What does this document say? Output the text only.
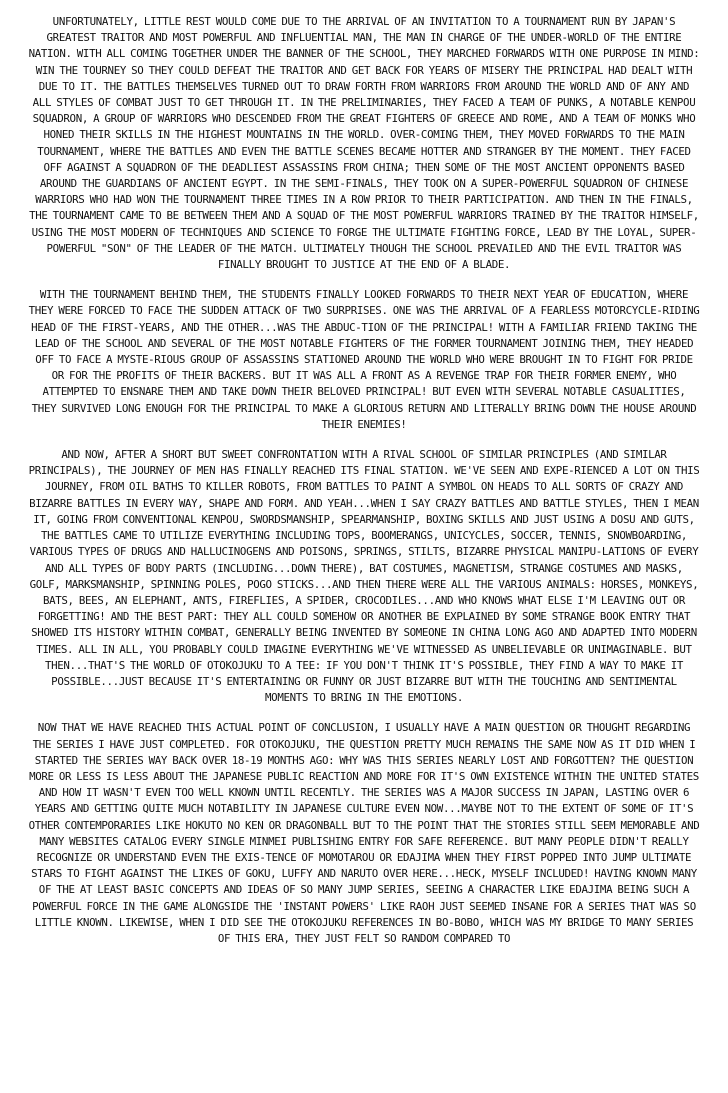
UNFORTUNATELY, LITTLE REST WOULD COME DUE TO THE ARRIVAL OF AN INVITATION TO A TOURNAMENT RUN BY JAPAN'S GREATEST TRAITOR AND MOST POWERFUL AND INFLUENTIAL MAN, THE MAN IN CHARGE OF THE UNDER-WORLD OF THE ENTIRE NATION. WITH ALL COMING TOGETHER UNDER THE BANNER OF THE SCHOOL, THEY MARCHED FORWARDS WITH ONE PURPOSE IN MIND: WIN THE TOURNEY SO THEY COULD DEFEAT THE TRAITOR AND GET BACK FOR YEARS OF MISERY THE PRINCIPAL HAD DEALT WITH DUE TO IT. THE BATTLES THEMSELVES TURNED OUT TO DRAW FORTH FROM WARRIORS FROM AROUND THE WORLD AND OF ANY AND ALL STYLES OF COMBAT JUST TO GET THROUGH IT. IN THE PRELIMINARIES, THEY FACED A TEAM OF PUNKS, A NOTABLE KENPOU SQUADRON, A GROUP OF WARRIORS WHO DESCENDED FROM THE GREAT FIGHTERS OF GREECE AND ROME, AND A TEAM OF MONKS WHO HONED THEIR SKILLS IN THE HIGHEST MOUNTAINS IN THE WORLD. OVER-COMING THEM, THEY MOVED FORWARDS TO THE MAIN TOURNAMENT, WHERE THE BATTLES AND EVEN THE BATTLE SCENES BECAME HOTTER AND STRANGER BY THE MOMENT. THEY FACED OFF AGAINST A SQUADRON OF THE DEADLIEST ASSASSINS FROM CHINA; THEN SOME OF THE MOST ANCIENT OPPONENTS BASED AROUND THE GUARDIANS OF ANCIENT EGYPT. IN THE SEMI-FINALS, THEY TOOK ON A SUPER-POWERFUL SQUADRON OF CHINESE WARRIORS WHO HAD WON THE TOURNAMENT THREE TIMES IN A ROW PRIOR TO THEIR PARTICIPATION. AND THEN IN THE FINALS, THE TOURNAMENT CAME TO BE BETWEEN THEM AND A SQUAD OF THE MOST POWERFUL WARRIORS TRAINED BY THE TRAITOR HIMSELF, USING THE MOST MODERN OF TECHNIQUES AND SCIENCE TO FORGE THE ULTIMATE FIGHTING FORCE, LEAD BY THE LOYAL, SUPER-POWERFUL "SON" OF THE LEADER OF THE MATCH. ULTIMATELY THOUGH THE SCHOOL PREVAILED AND THE EVIL TRAITOR WAS FINALLY BROUGHT TO JUSTICE AT THE END OF A BLADE.

WITH THE TOURNAMENT BEHIND THEM, THE STUDENTS FINALLY LOOKED FORWARDS TO THEIR NEXT YEAR OF EDUCATION, WHERE THEY WERE FORCED TO FACE THE SUDDEN ATTACK OF TWO SURPRISES. ONE WAS THE ARRIVAL OF A FEARLESS MOTORCYCLE-RIDING HEAD OF THE FIRST-YEARS, AND THE OTHER...WAS THE ABDUC-TION OF THE PRINCIPAL! WITH A FAMILIAR FRIEND TAKING THE LEAD OF THE SCHOOL AND SEVERAL OF THE MOST NOTABLE FIGHTERS OF THE FORMER TOURNAMENT JOINING THEM, THEY HEADED OFF TO FACE A MYSTE-RIOUS GROUP OF ASSASSINS STATIONED AROUND THE WORLD WHO WERE BROUGHT IN TO FIGHT FOR PRIDE OR FOR THE PROFITS OF THEIR BACKERS. BUT IT WAS ALL A FRONT AS A REVENGE TRAP FOR THEIR FORMER ENEMY, WHO ATTEMPTED TO ENSNARE THEM AND TAKE DOWN THEIR BELOVED PRINCIPAL! BUT EVEN WITH SEVERAL NOTABLE CASUALITIES, THEY SURVIVED LONG ENOUGH FOR THE PRINCIPAL TO MAKE A GLORIOUS RETURN AND LITERALLY BRING DOWN THE HOUSE AROUND THEIR ENEMIES!

AND NOW, AFTER A SHORT BUT SWEET CONFRONTATION WITH A RIVAL SCHOOL OF SIMILAR PRINCIPLES (AND SIMILAR PRINCIPALS), THE JOURNEY OF MEN HAS FINALLY REACHED ITS FINAL STATION. WE'VE SEEN AND EXPE-RIENCED A LOT ON THIS JOURNEY, FROM OIL BATHS TO KILLER ROBOTS, FROM BATTLES TO PAINT A SYMBOL ON HEADS TO ALL SORTS OF CRAZY AND BIZARRE BATTLES IN EVERY WAY, SHAPE AND FORM. AND YEAH...WHEN I SAY CRAZY BATTLES AND BATTLE STYLES, THEN I MEAN IT, GOING FROM CONVENTIONAL KENPOU, SWORDSMANSHIP, SPEARMANSHIP, BOXING SKILLS AND JUST USING A DOSU AND GUTS, THE BATTLES CAME TO UTILIZE EVERYTHING INCLUDING TOPS, BOOMERANGS, UNICYCLES, SOCCER, TENNIS, SNOWBOARDING, VARIOUS TYPES OF DRUGS AND HALLUCINOGENS AND POISONS, SPRINGS, STILTS, BIZARRE PHYSICAL MANIPU-LATIONS OF EVERY AND ALL TYPES OF BODY PARTS (INCLUDING...DOWN THERE), BAT COSTUMES, MAGNETISM, STRANGE COSTUMES AND MASKS, GOLF, MARKSMANSHIP, SPINNING POLES, POGO STICKS...AND THEN THERE WERE ALL THE VARIOUS ANIMALS: HORSES, MONKEYS, BATS, BEES, AN ELEPHANT, ANTS, FIREFLIES, A SPIDER, CROCODILES...AND WHO KNOWS WHAT ELSE I'M LEAVING OUT OR FORGETTING! AND THE BEST PART: THEY ALL COULD SOMEHOW OR ANOTHER BE EXPLAINED BY SOME STRANGE BOOK ENTRY THAT SHOWED ITS HISTORY WITHIN COMBAT, GENERALLY BEING INVENTED BY SOMEONE IN CHINA LONG AGO AND ADAPTED INTO MODERN TIMES. ALL IN ALL, YOU PROBABLY COULD IMAGINE EVERYTHING WE'VE WITNESSED AS UNBELIEVABLE OR UNIMAGINABLE. BUT THEN...THAT'S THE WORLD OF OTOKOJUKU TO A TEE: IF YOU DON'T THINK IT'S POSSIBLE, THEY FIND A WAY TO MAKE IT POSSIBLE...JUST BECAUSE IT'S ENTERTAINING OR FUNNY OR JUST BIZARRE BUT WITH THE TOUCHING AND SENTIMENTAL MOMENTS TO BRING IN THE EMOTIONS.

NOW THAT WE HAVE REACHED THIS ACTUAL POINT OF CONCLUSION, I USUALLY HAVE A MAIN QUESTION OR THOUGHT REGARDING THE SERIES I HAVE JUST COMPLETED. FOR OTOKOJUKU, THE QUESTION PRETTY MUCH REMAINS THE SAME NOW AS IT DID WHEN I STARTED THE SERIES WAY BACK OVER 18-19 MONTHS AGO: WHY WAS THIS SERIES NEARLY LOST AND FORGOTTEN? THE QUESTION MORE OR LESS IS LESS ABOUT THE JAPANESE PUBLIC REACTION AND MORE FOR IT'S OWN EXISTENCE WITHIN THE UNITED STATES AND HOW IT WASN'T EVEN TOO WELL KNOWN UNTIL RECENTLY. THE SERIES WAS A MAJOR SUCCESS IN JAPAN, LASTING OVER 6 YEARS AND GETTING QUITE MUCH NOTABILITY IN JAPANESE CULTURE EVEN NOW...MAYBE NOT TO THE EXTENT OF SOME OF IT'S OTHER CONTEMPORARIES LIKE HOKUTO NO KEN OR DRAGONBALL BUT TO THE POINT THAT THE STORIES STILL SEEM MEMORABLE AND MANY WEBSITES CATALOG EVERY SINGLE MINMEI PUBLISHING ENTRY FOR SAFE REFERENCE. BUT MANY PEOPLE DIDN'T REALLY RECOGNIZE OR UNDERSTAND EVEN THE EXIS-TENCE OF MOMOTAROU OR EDAJIMA WHEN THEY FIRST POPPED INTO JUMP ULTIMATE STARS TO FIGHT AGAINST THE LIKES OF GOKU, LUFFY AND NARUTO OVER HERE...HECK, MYSELF INCLUDED! HAVING KNOWN MANY OF THE AT LEAST BASIC CONCEPTS AND IDEAS OF SO MANY JUMP SERIES, SEEING A CHARACTER LIKE EDAJIMA BEING SUCH A POWERFUL FORCE IN THE GAME ALONGSIDE THE 'INSTANT POWERS' LIKE RAOH JUST SEEMED INSANE FOR A SERIES THAT WAS SO LITTLE KNOWN. LIKEWISE, WHEN I DID SEE THE OTOKOJUKU REFERENCES IN BO-BOBO, WHICH WAS MY BRIDGE TO MANY SERIES OF THIS ERA, THEY JUST FELT SO RANDOM COMPARED TO
